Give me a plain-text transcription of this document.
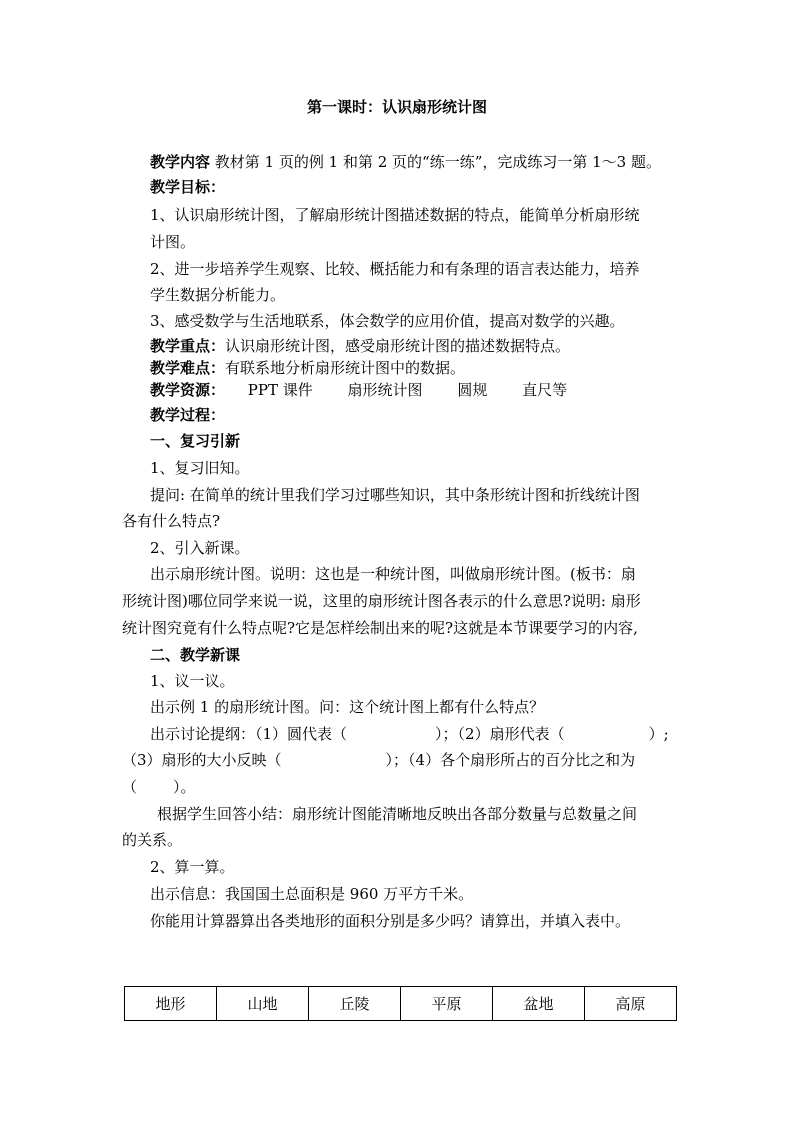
第一课时：认识扇形统计图
教学内容 教材第 1 页的例 1 和第 2 页的“练一练”，完成练习一第 1～3 题。
教学目标：
1、认识扇形统计图，了解扇形统计图描述数据的特点，能简单分析扇形统
计图。
2、进一步培养学生观察、比较、概括能力和有条理的语言表达能力，培养
学生数据分析能力。
3、感受数学与生活地联系，体会数学的应用价值，提高对数学的兴趣。
教学重点：认识扇形统计图，感受扇形统计图的描述数据特点。
教学难点：有联系地分析扇形统计图中的数据。
教学资源： PPT 课件 扇形统计图 圆规 直尺等
教学过程：
一、复习引新
1、复习旧知。
提问: 在简单的统计里我们学习过哪些知识，其中条形统计图和折线统计图
各有什么特点?
2、引入新课。
出示扇形统计图。说明：这也是一种统计图，叫做扇形统计图。(板书：扇
形统计图)哪位同学来说一说，这里的扇形统计图各表示的什么意思?说明: 扇形
统计图究竟有什么特点呢?它是怎样绘制出来的呢?这就是本节课要学习的内容,
二、教学新课
1、议一议。
出示例 1 的扇形统计图。问：这个统计图上都有什么特点？
出示讨论提纲：（1）圆代表（	）；（2）扇形代表（	）;
（3）扇形的大小反映（	）；（4）各个扇形所占的百分比之和为
（ ）。
根据学生回答小结：扇形统计图能清晰地反映出各部分数量与总数量之间
的关系。
2、算一算。
出示信息：我国国土总面积是 960 万平方千米。
你能用计算器算出各类地形的面积分别是多少吗？请算出，并填入表中。
地形	山地	丘陵	平原	盆地	高原
